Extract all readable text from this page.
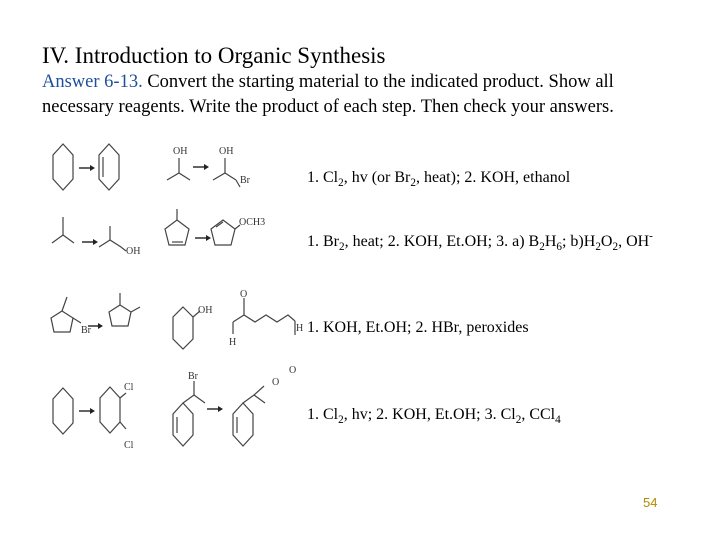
IV. Introduction to Organic Synthesis
Answer 6-13. Convert the starting material to the indicated product. Show all necessary reagents. Write the product of each step. Then check your answers.
OH	OH
Br
OH
OCH3
Br
OH
O
H
H
O
Cl
Cl
Br
O
1. $Cl_2$, hv (or $Br_2$, heat); 2. KOH, ethanol
1. $Br_2$, heat; 2. KOH, Et.OH; 3. a) $B_2H_6$; $b)H_2O_2$, OH-
1. KOH, Et.OH; 2. HBr, peroxides
1. $Cl_2$, hv; 2. KOH, Et.OH; 3. $Cl_2$, CCl$_4$
54
